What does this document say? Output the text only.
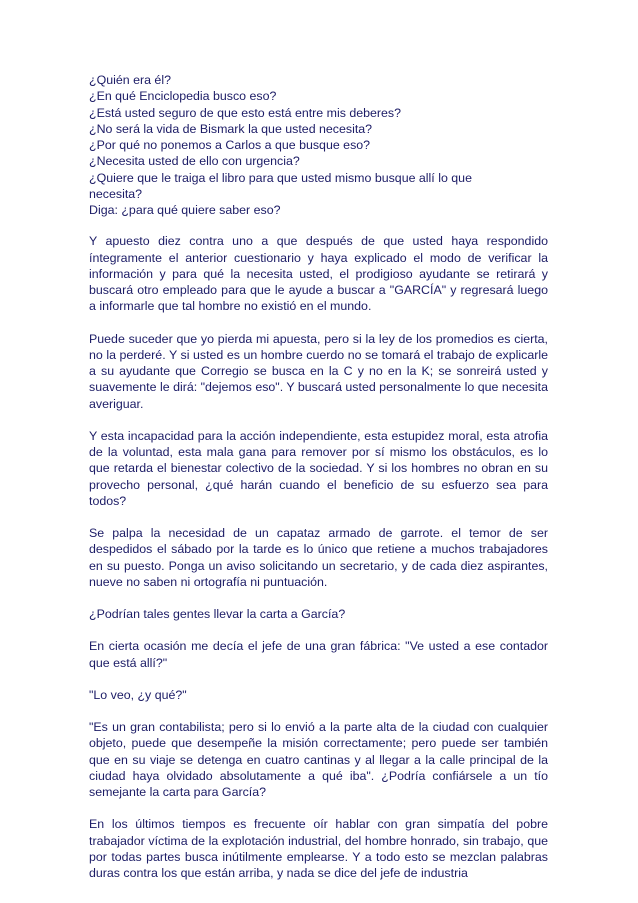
¿Quién era él?

¿En qué Enciclopedia busco eso?

¿Está usted seguro de que esto está entre mis deberes?

¿No será la vida de Bismark la que usted necesita?

¿Por qué no ponemos a Carlos a que busque eso?

¿Necesita usted de ello con urgencia?

¿Quiere que le traiga el libro para que usted mismo busque allí lo que necesita?

Diga: ¿para qué quiere saber eso?

Y apuesto diez contra uno a que después de que usted haya respondido íntegramente el anterior cuestionario y haya explicado el modo de verificar la información y para qué la necesita usted, el prodigioso ayudante se retirará y buscará otro empleado para que le ayude a buscar a "GARCÍA" y regresará luego a informarle que tal hombre no existió en el mundo.

Puede suceder que yo pierda mi apuesta, pero si la ley de los promedios es cierta, no la perderé. Y si usted es un hombre cuerdo no se tomará el trabajo de explicarle a su ayudante que Corregio se busca en la C y no en la K; se sonreirá usted y suavemente le dirá: "dejemos eso". Y buscará usted personalmente lo que necesita averiguar.

Y esta incapacidad para la acción independiente, esta estupidez moral, esta atrofia de la voluntad, esta mala gana para remover por sí mismo los obstáculos, es lo que retarda el bienestar colectivo de la sociedad. Y si los hombres no obran en su provecho personal, ¿qué harán cuando el beneficio de su esfuerzo sea para todos?

Se palpa la necesidad de un capataz armado de garrote. el temor de ser despedidos el sábado por la tarde es lo único que retiene a muchos trabajadores en su puesto. Ponga un aviso solicitando un secretario, y de cada diez aspirantes, nueve no saben ni ortografía ni puntuación.

¿Podrían tales gentes llevar la carta a García?

En cierta ocasión me decía el jefe de una gran fábrica: "Ve usted a ese contador que está allí?"

"Lo veo, ¿y qué?"

"Es un gran contabilista; pero si lo envió a la parte alta de la ciudad con cualquier objeto, puede que desempeñe la misión correctamente; pero puede ser también que en su viaje se detenga en cuatro cantinas y al llegar a la calle principal de la ciudad haya olvidado absolutamente a qué iba". ¿Podría confiársele a un tío semejante la carta para García?

En los últimos tiempos es frecuente oír hablar con gran simpatía del pobre trabajador víctima de la explotación industrial, del hombre honrado, sin trabajo, que por todas partes busca inútilmente emplearse. Y a todo esto se mezclan palabras duras contra los que están arriba, y nada se dice del jefe de industria
